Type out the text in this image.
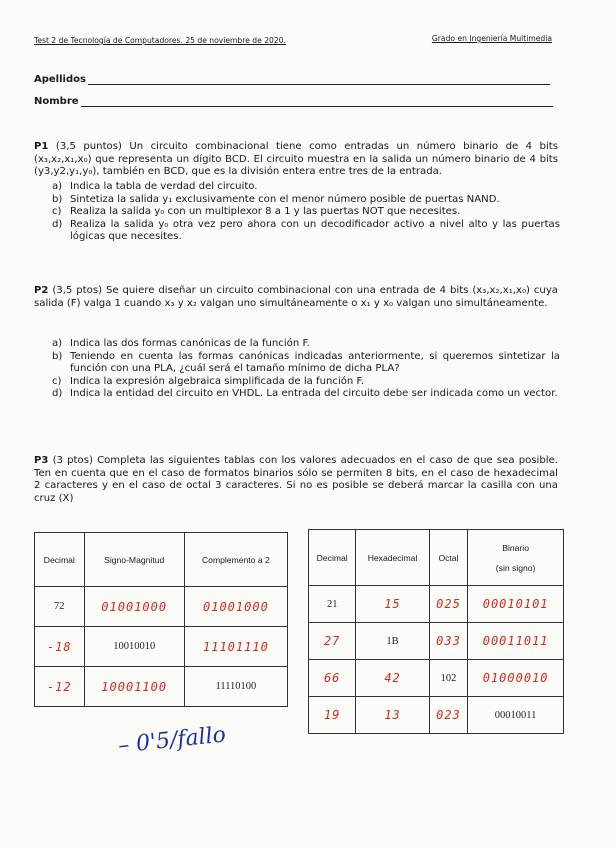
Test 2 de Tecnología de Computadores. 25 de noviembre de 2020.	Grado en Ingeniería Multimedia
Apellidos
Nombre
P1 (3,5 puntos) Un circuito combinacional tiene como entradas un número binario de 4 bits (x₃,x₂,x₁,x₀) que representa un dígito BCD. El circuito muestra en la salida un número binario de 4 bits (y3,y2,y₁,y₀), también en BCD, que es la división entera entre tres de la entrada.
a) Indica la tabla de verdad del circuito.
b) Sintetiza la salida y₁ exclusivamente con el menor número posible de puertas NAND.
c) Realiza la salida y₀ con un multiplexor 8 a 1 y las puertas NOT que necesites.
d) Realiza la salida y₀ otra vez pero ahora con un decodificador activo a nivel alto y las puertas lógicas que necesites.
P2 (3,5 ptos) Se quiere diseñar un circuito combinacional con una entrada de 4 bits (x₃,x₂,x₁,x₀) cuya salida (F) valga 1 cuando x₃ y x₂ valgan uno simultáneamente o x₁ y x₀ valgan uno simultáneamente.
a) Indica las dos formas canónicas de la función F.
b) Teniendo en cuenta las formas canónicas indicadas anteriormente, si queremos sintetizar la función con una PLA, ¿cuál será el tamaño mínimo de dicha PLA?
c) Indica la expresión algebraica simplificada de la función F.
d) Indica la entidad del circuito en VHDL. La entrada del circuito debe ser indicada como un vector.
P3 (3 ptos) Completa las siguientes tablas con los valores adecuados en el caso de que sea posible. Ten en cuenta que en el caso de formatos binarios sólo se permiten 8 bits, en el caso de hexadecimal 2 caracteres y en el caso de octal 3 caracteres. Si no es posible se deberá marcar la casilla con una cruz (X)
Decimal	Signo-Magnitud	Complemento a 2
72	01001000	01001000
-18	10010010	11101110
-12	10001100	11110100
Decimal	Hexadecimal	Octal	Binario
(sin signo)

21	15	025	00010101
27	1B	033	00011011
66	42	102	01000010
19	13	023	00010011
– 0'5/fallo
